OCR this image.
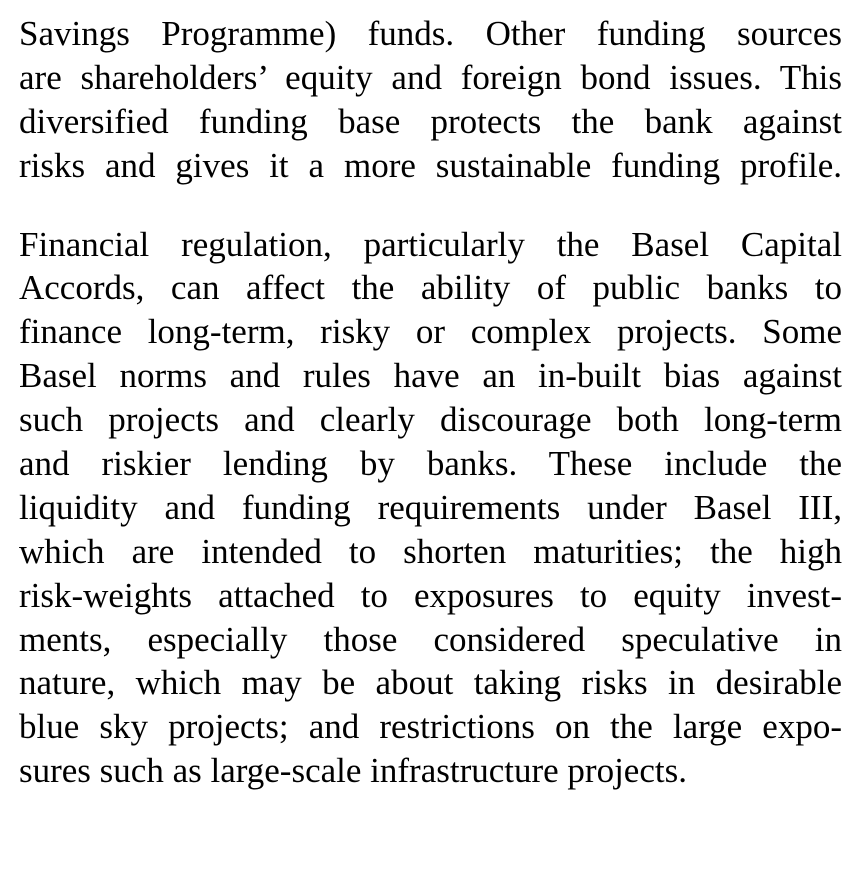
Savings Programme) funds. Other funding sources
are shareholders’ equity and foreign bond issues. This
diversified funding base protects the bank against
risks and gives it a more sustainable funding profile.
Financial regulation, particularly the Basel Capital
Accords, can affect the ability of public banks to
finance long-term, risky or complex projects. Some
Basel norms and rules have an in-built bias against
such projects and clearly discourage both long-term
and riskier lending by banks. These include the
liquidity and funding requirements under Basel III,
which are intended to shorten maturities; the high
risk-weights attached to exposures to equity invest-
ments, especially those considered speculative in
nature, which may be about taking risks in desirable
blue sky projects; and restrictions on the large expo-
sures such as large-scale infrastructure projects.
